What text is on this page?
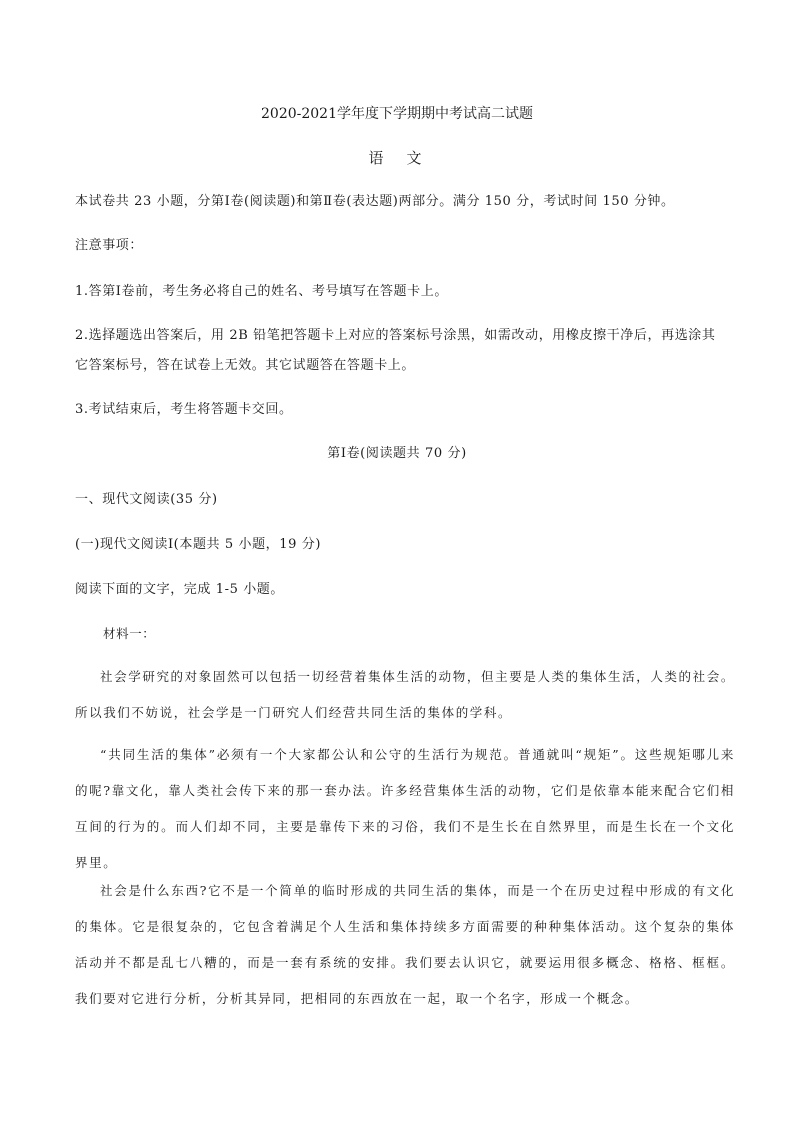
2020-2021学年度下学期期中考试高二试题
语　文
本试卷共 23 小题，分第Ⅰ卷(阅读题)和第Ⅱ卷(表达题)两部分。满分 150 分，考试时间 150 分钟。
注意事项：
1.答第Ⅰ卷前，考生务必将自己的姓名、考号填写在答题卡上。
2.选择题选出答案后，用 2B 铅笔把答题卡上对应的答案标号涂黑，如需改动，用橡皮擦干净后，再选涂其
它答案标号，答在试卷上无效。其它试题答在答题卡上。
3.考试结束后，考生将答题卡交回。
第Ⅰ卷(阅读题共 70 分)
一、现代文阅读(35 分)
(一)现代文阅读Ⅰ(本题共 5 小题，19 分)
阅读下面的文字，完成 1-5 小题。
材料一：
社会学研究的对象固然可以包括一切经营着集体生活的动物，但主要是人类的集体生活，人类的社会。所以我们不妨说，社会学是一门研究人们经营共同生活的集体的学科。
“共同生活的集体”必须有一个大家都公认和公守的生活行为规范。普通就叫“规矩”。这些规矩哪儿来的呢?靠文化，靠人类社会传下来的那一套办法。许多经营集体生活的动物，它们是依靠本能来配合它们相互间的行为的。而人们却不同，主要是靠传下来的习俗，我们不是生长在自然界里，而是生长在一个文化界里。
社会是什么东西?它不是一个简单的临时形成的共同生活的集体，而是一个在历史过程中形成的有文化的集体。它是很复杂的，它包含着满足个人生活和集体持续多方面需要的种种集体活动。这个复杂的集体活动并不都是乱七八糟的，而是一套有系统的安排。我们要去认识它，就要运用很多概念、格格、框框。我们要对它进行分析，分析其异同，把相同的东西放在一起，取一个名字，形成一个概念。
